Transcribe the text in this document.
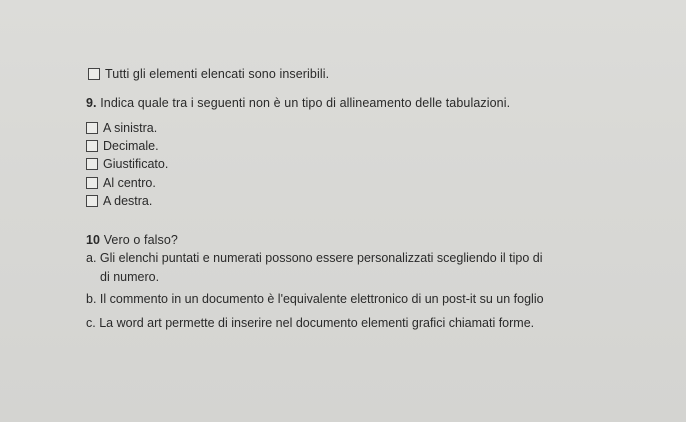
Tutti gli elementi elencati sono inseribili.
9. Indica quale tra i seguenti non è un tipo di allineamento delle tabulazioni.
A sinistra.
Decimale.
Giustificato.
Al centro.
A destra.
10 Vero o falso?
a. Gli elenchi puntati e numerati possono essere personalizzati scegliendo il tipo di
di numero.
b. Il commento in un documento è l'equivalente elettronico di un post-it su un foglio
c. La word art permette di inserire nel documento elementi grafici chiamati forme.
